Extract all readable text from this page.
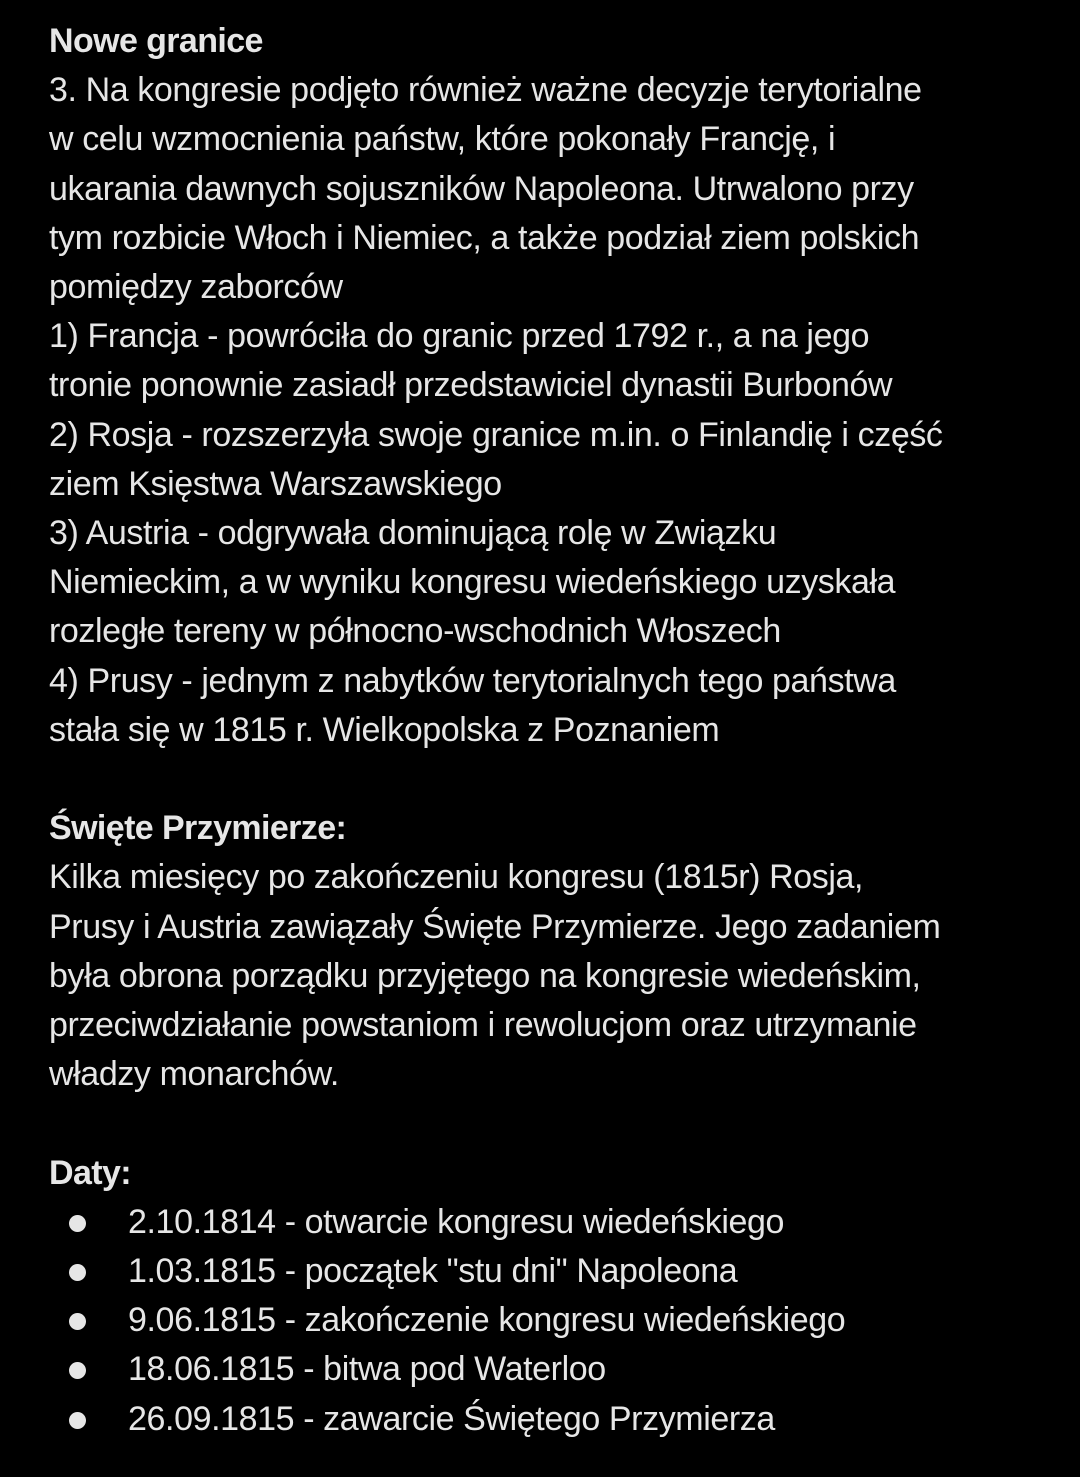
Nowe granice
3. Na kongresie podjęto również ważne decyzje terytorialne
w celu wzmocnienia państw, które pokonały Francję, i
ukarania dawnych sojuszników Napoleona. Utrwalono przy
tym rozbicie Włoch i Niemiec, a także podział ziem polskich
pomiędzy zaborców
1) Francja - powróciła do granic przed 1792 r., a na jego
tronie ponownie zasiadł przedstawiciel dynastii Burbonów
2) Rosja - rozszerzyła swoje granice m.in. o Finlandię i część
ziem Księstwa Warszawskiego
3) Austria - odgrywała dominującą rolę w Związku
Niemieckim, a w wyniku kongresu wiedeńskiego uzyskała
rozległe tereny w północno-wschodnich Włoszech
4) Prusy - jednym z nabytków terytorialnych tego państwa
stała się w 1815 r. Wielkopolska z Poznaniem
Święte Przymierze:
Kilka miesięcy po zakończeniu kongresu (1815r) Rosja,
Prusy i Austria zawiązały Święte Przymierze. Jego zadaniem
była obrona porządku przyjętego na kongresie wiedeńskim,
przeciwdziałanie powstaniom i rewolucjom oraz utrzymanie
władzy monarchów.
Daty:
2.10.1814 - otwarcie kongresu wiedeńskiego
1.03.1815 - początek "stu dni" Napoleona
9.06.1815 - zakończenie kongresu wiedeńskiego
18.06.1815 - bitwa pod Waterloo
26.09.1815 - zawarcie Świętego Przymierza
